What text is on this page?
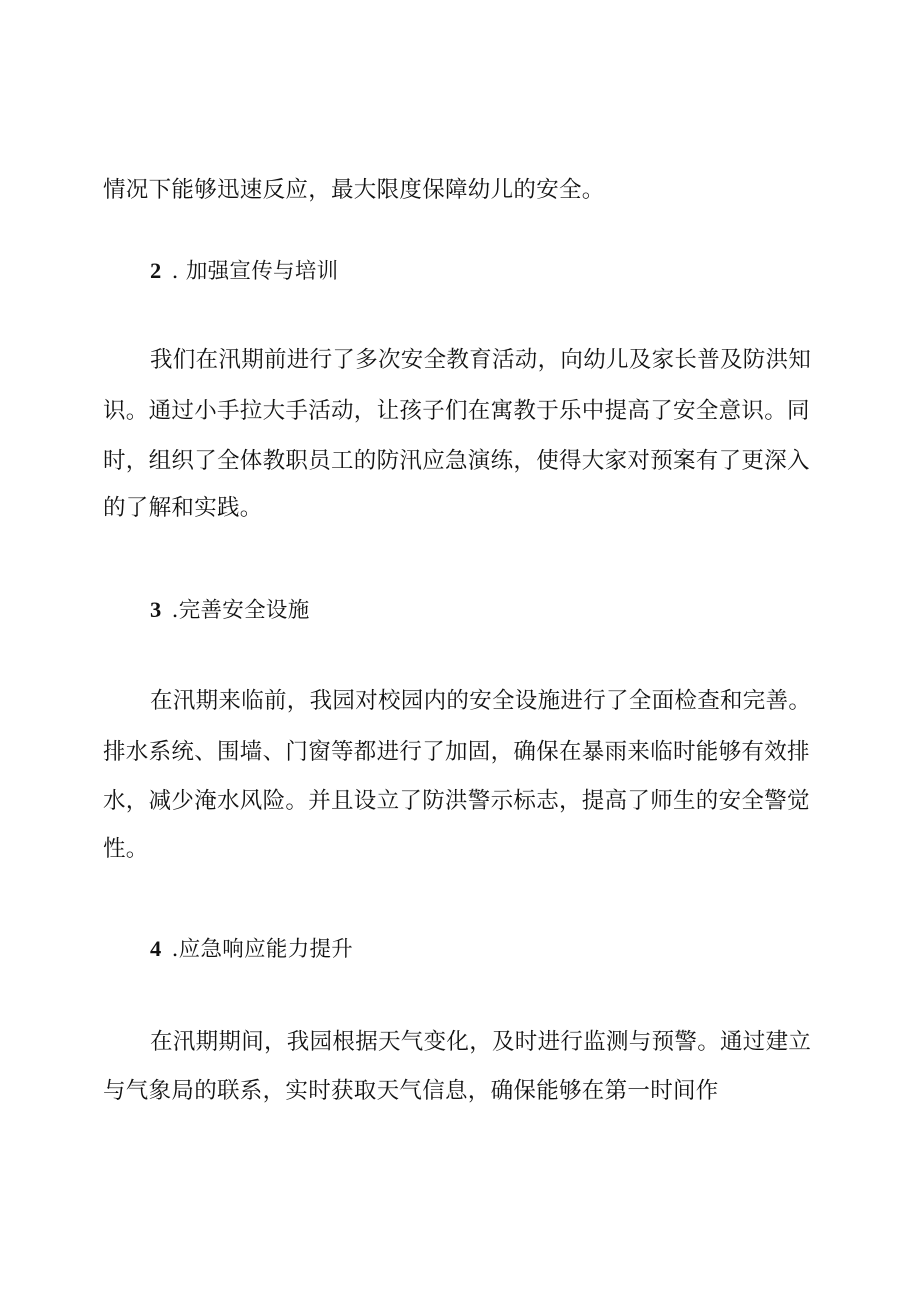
情况下能够迅速反应，最大限度保障幼儿的安全。
2 . 加强宣传与培训
我们在汛期前进行了多次安全教育活动，向幼儿及家长普及防洪知
识。通过小手拉大手活动，让孩子们在寓教于乐中提高了安全意识。同
时，组织了全体教职员工的防汛应急演练，使得大家对预案有了更深入
的了解和实践。
3 .完善安全设施
在汛期来临前，我园对校园内的安全设施进行了全面检查和完善。
排水系统、围墙、门窗等都进行了加固，确保在暴雨来临时能够有效排
水，减少淹水风险。并且设立了防洪警示标志，提高了师生的安全警觉
性。
4 .应急响应能力提升
在汛期期间，我园根据天气变化，及时进行监测与预警。通过建立
与气象局的联系，实时获取天气信息，确保能够在第一时间作
